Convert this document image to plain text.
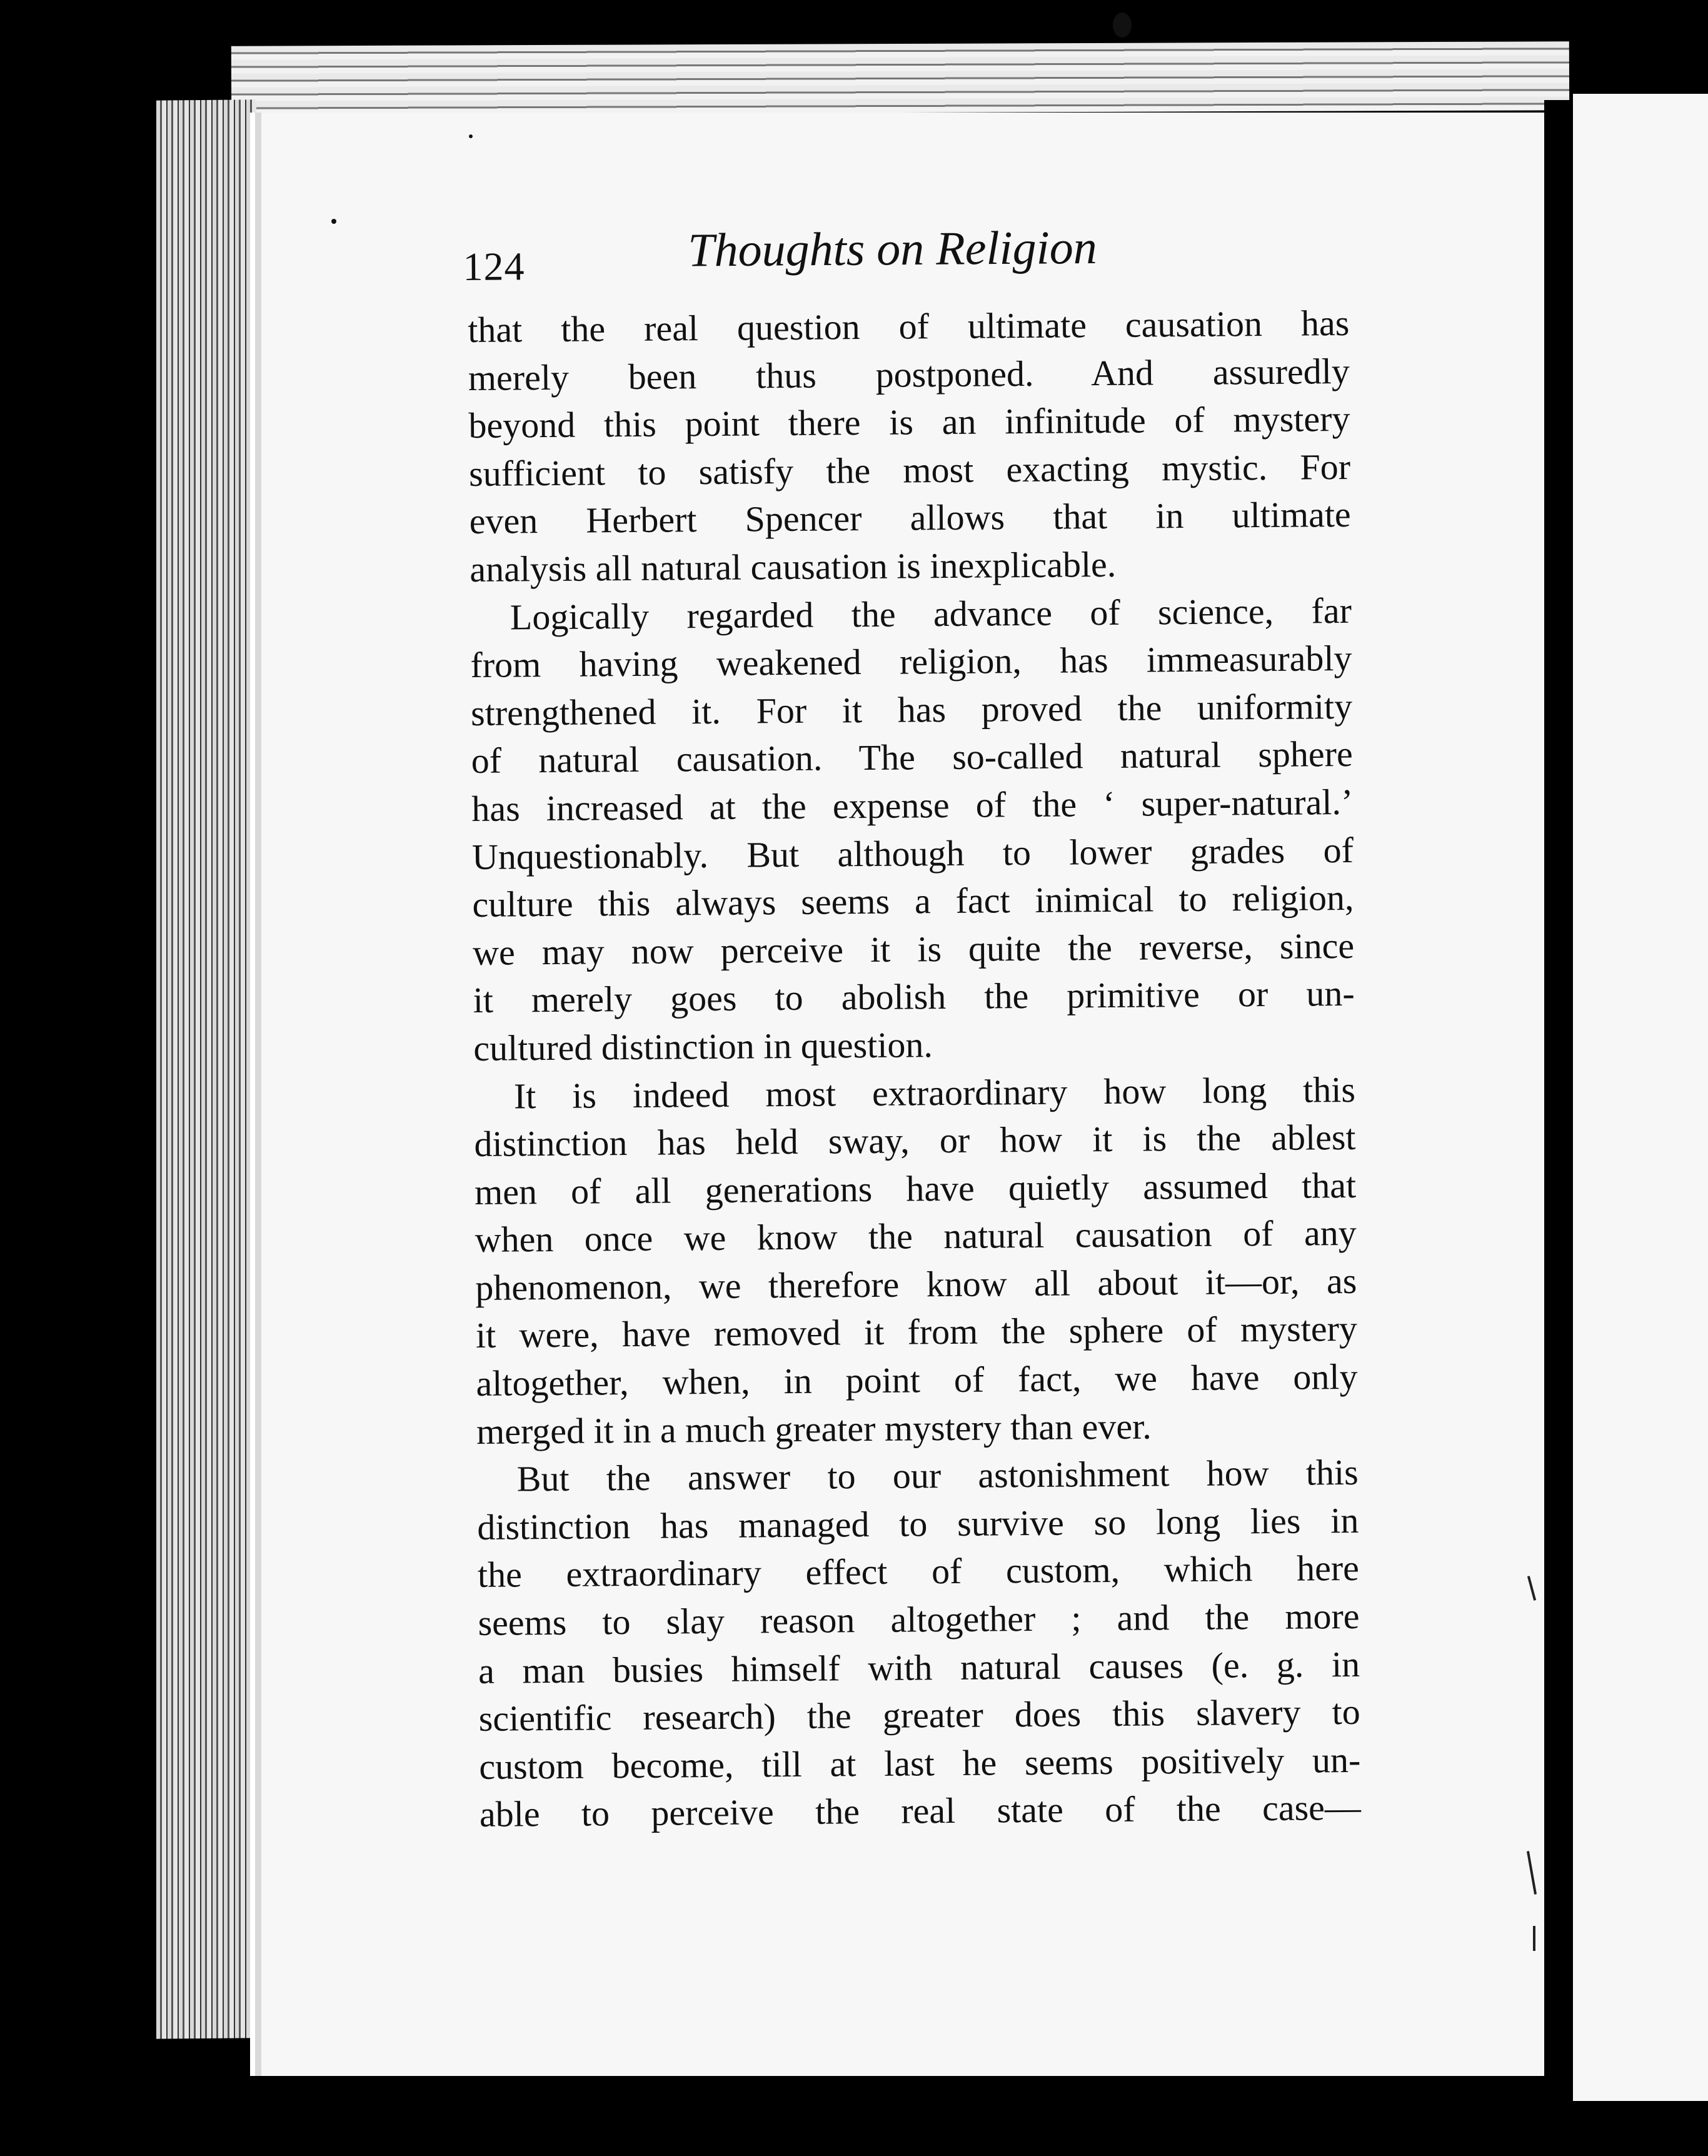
124	Thoughts on Religion
that the real question of ultimate causation has
merely been thus postponed. And assuredly
beyond this point there is an infinitude of mystery
sufficient to satisfy the most exacting mystic. For
even Herbert Spencer allows that in ultimate
analysis all natural causation is inexplicable.
Logically regarded the advance of science, far
from having weakened religion, has immeasurably
strengthened it. For it has proved the uniformity
of natural causation. The so-called natural sphere
has increased at the expense of the ‘ super-natural.’
Unquestionably. But although to lower grades of
culture this always seems a fact inimical to religion,
we may now perceive it is quite the reverse, since
it merely goes to abolish the primitive or un-
cultured distinction in question.
It is indeed most extraordinary how long this
distinction has held sway, or how it is the ablest
men of all generations have quietly assumed that
when once we know the natural causation of any
phenomenon, we therefore know all about it—or, as
it were, have removed it from the sphere of mystery
altogether, when, in point of fact, we have only
merged it in a much greater mystery than ever.
But the answer to our astonishment how this
distinction has managed to survive so long lies in
the extraordinary effect of custom, which here
seems to slay reason altogether ; and the more
a man busies himself with natural causes (e. g. in
scientific research) the greater does this slavery to
custom become, till at last he seems positively un-
able to perceive the real state of the case—
